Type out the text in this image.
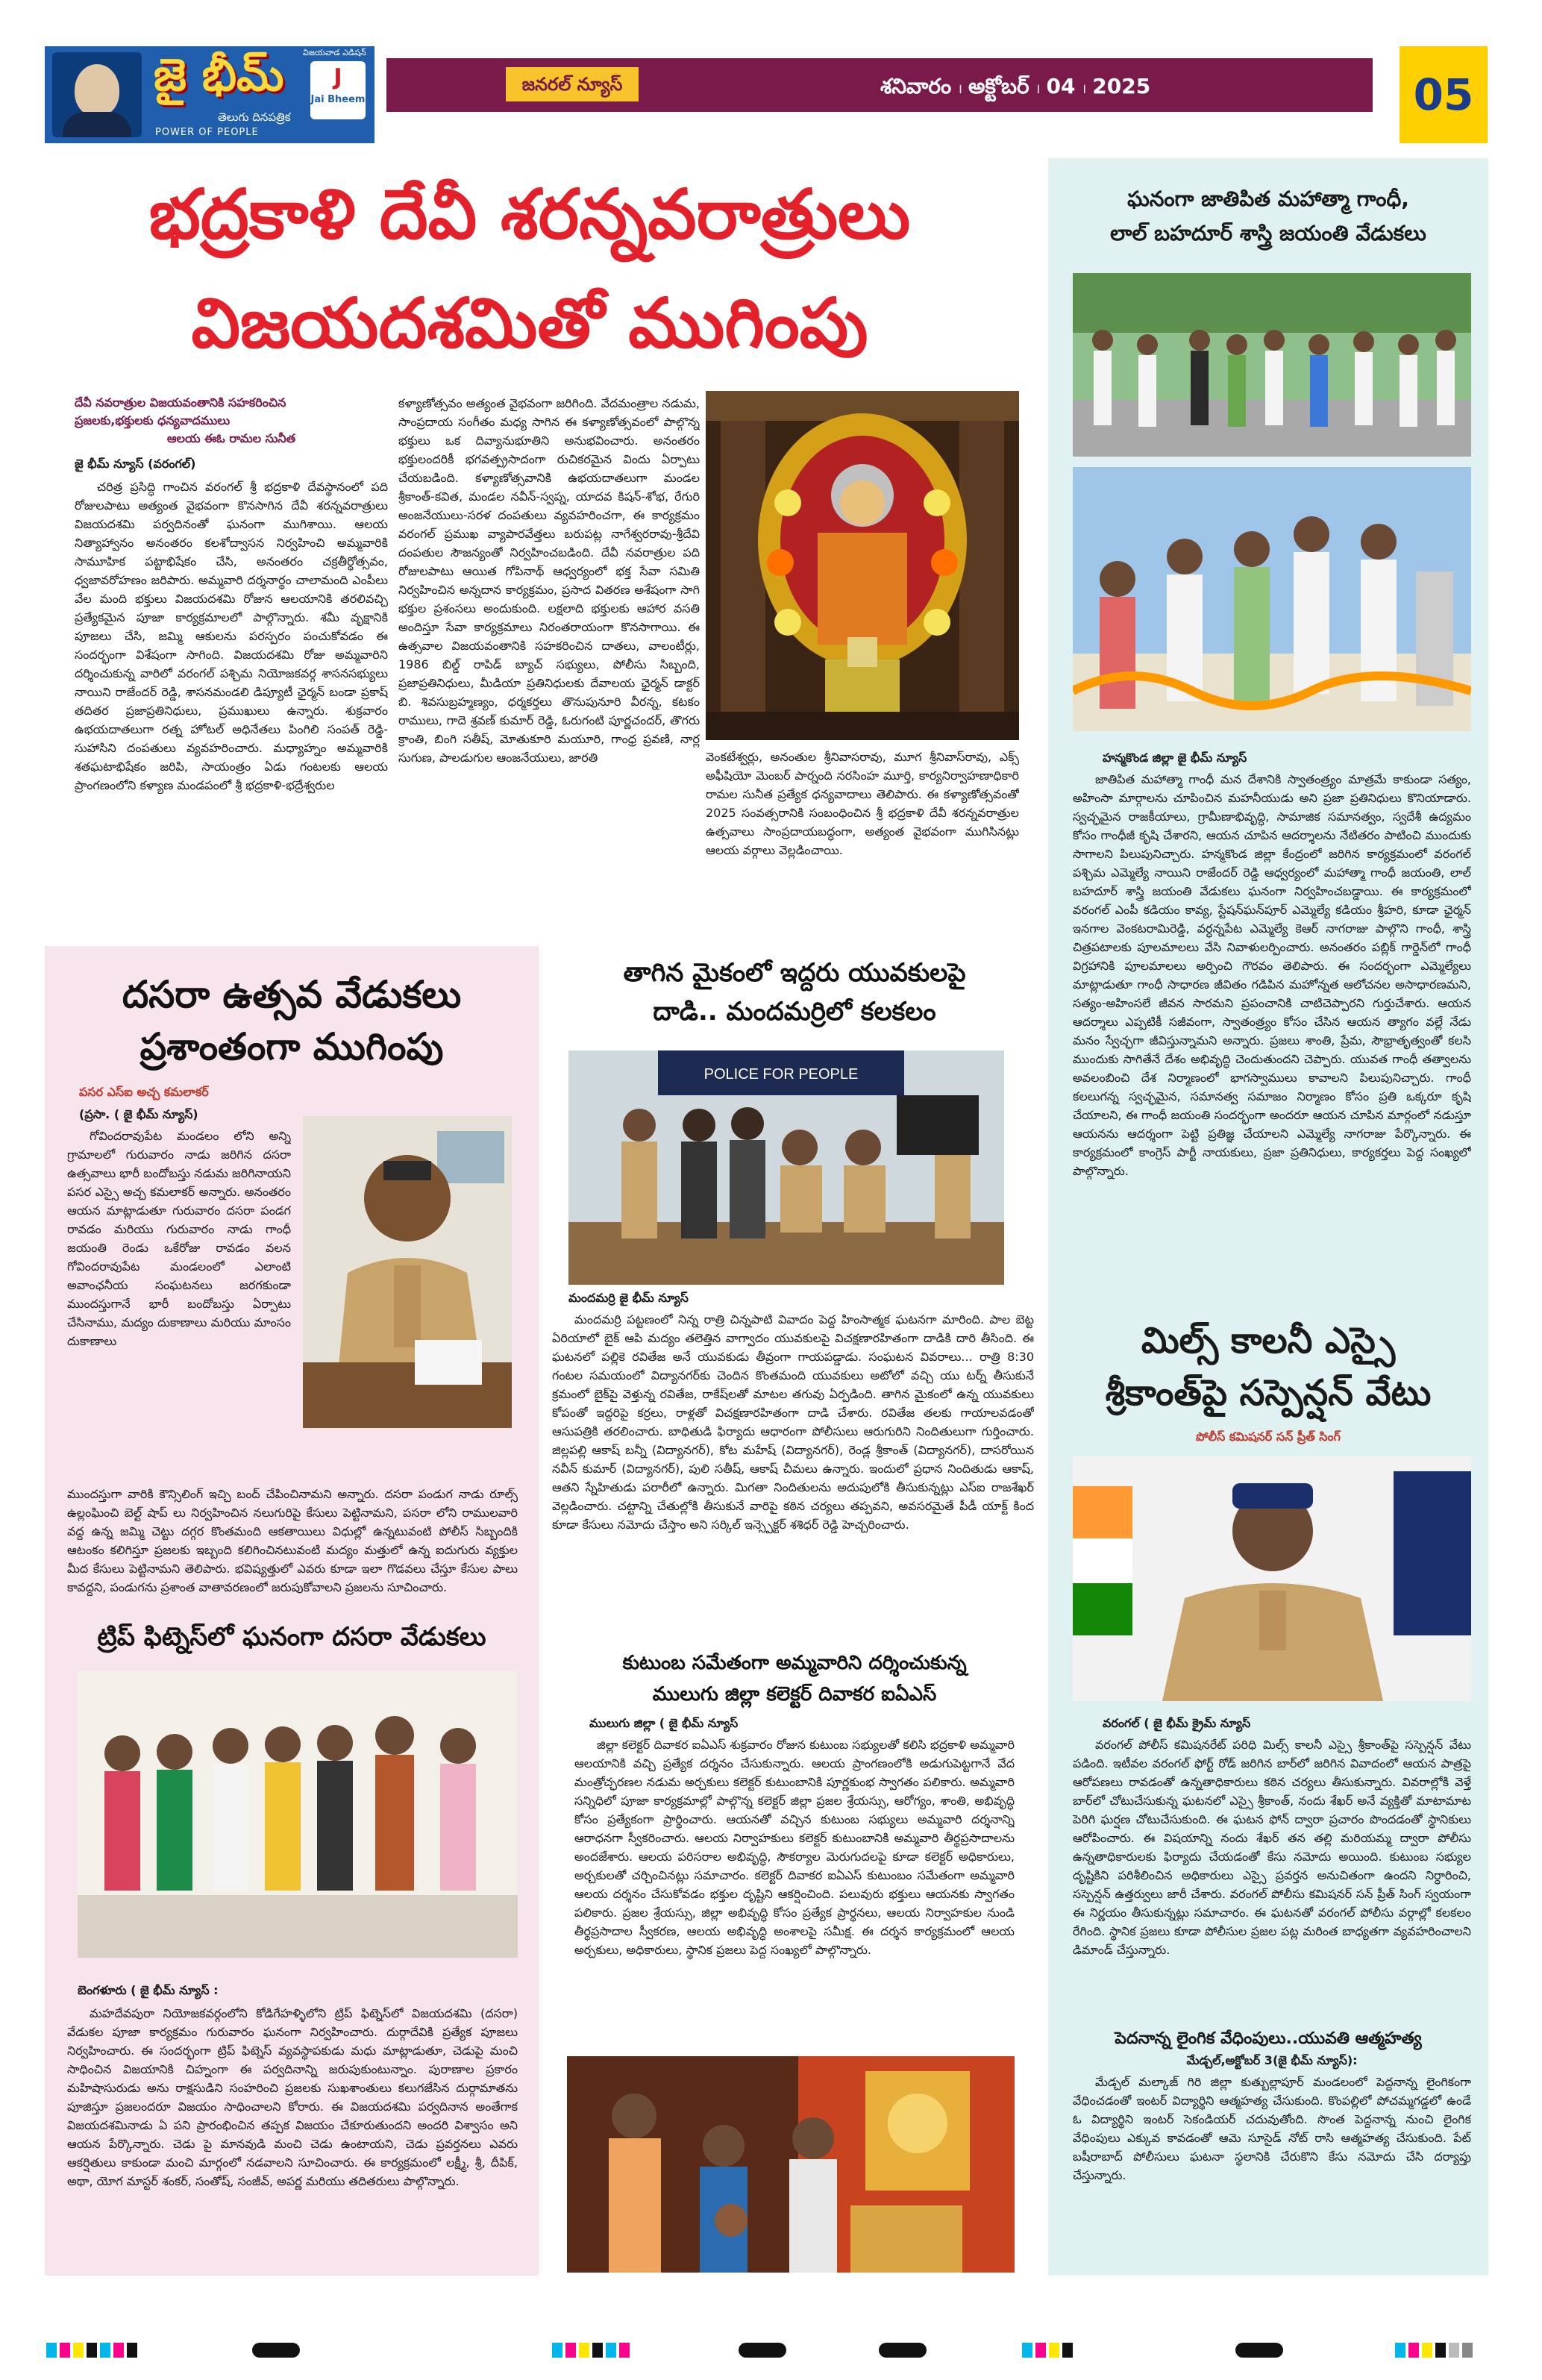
జై భీమ్
తెలుగు దినపత్రిక
POWER OF PEOPLE
విజయవాడ ఎడిషన్
J
Jai Bheem
జనరల్ న్యూస్	శనివారం । అక్టోబర్ । 04 । 2025	05
భద్రకాళి దేవీ శరన్నవరాత్రులు
విజయదశమితో ముగింపు
దేవీ నవరాత్రుల విజయవంతానికి సహకరించిన
ప్రజలకు,భక్తులకు ధన్యవాదములు
ఆలయ ఈఓ రామల సునీత
జై భీమ్ న్యూస్ (వరంగల్)

చరిత్ర ప్రసిద్ధి గాంచిన వరంగల్ శ్రీ భద్రకాళి దేవస్థానంలో పది రోజులపాటు అత్యంత వైభవంగా కొనసాగిన దేవీ శరన్నవరాత్రులు విజయదశమి పర్వదినంతో ఘనంగా ముగిశాయి. ఆలయ నిత్యాహ్వానం అనంతరం కలశోద్వాసన నిర్వహించి అమ్మవారికి సామూహిక పట్టాభిషేకం చేసి, అనంతరం చక్రతీర్థోత్సవం, ధ్వజావరోహణం జరిపారు. అమ్మవారి దర్శనార్థం చాలామంది ఎంపీలు వేల మంది భక్తులు విజయదశమి రోజున ఆలయానికి తరలివచ్చి ప్రత్యేకమైన పూజా కార్యక్రమాలలో పాల్గొన్నారు. శమీ వృక్షానికి పూజలు చేసి, జమ్మి ఆకులను పరస్పరం పంచుకోవడం ఈ సందర్భంగా విశేషంగా సాగింది. విజయదశమి రోజు అమ్మవారిని దర్శించుకున్న వారిలో వరంగల్ పశ్చిమ నియోజకవర్గ శాసనసభ్యులు నాయిని రాజేందర్ రెడ్డి, శాసనమండలి డిప్యూటీ ఛైర్మన్ బండా ప్రకాష్ తదితర ప్రజాప్రతినిధులు, ప్రముఖులు ఉన్నారు. శుక్రవారం ఉభయదాతలుగా రత్న హోటల్ అధినేతలు పింగిలి సంపత్ రెడ్డి-సుహాసిని దంపతులు వ్యవహరించారు. మధ్యాహ్నం అమ్మవారికి శతఘటాభిషేకం జరిపి, సాయంత్రం ఏడు గంటలకు ఆలయ ప్రాంగణంలోని కళ్యాణ మండపంలో శ్రీ భద్రకాళి-భద్రేశ్వరుల

కళ్యాణోత్సవం అత్యంత వైభవంగా జరిగింది. వేదమంత్రాల నడుమ, సాంప్రదాయ సంగీతం మధ్య సాగిన ఈ కళ్యాణోత్సవంలో పాల్గొన్న భక్తులు ఒక దివ్యానుభూతిని అనుభవించారు. అనంతరం భక్తులందరికీ భగవత్ప్రసాదంగా రుచికరమైన విందు ఏర్పాటు చేయబడింది. కళ్యాణోత్సవానికి ఉభయదాతలుగా మండల శ్రీకాంత్-కవిత, మండల నవీన్-స్వప్న, యాదవ కిషన్-శోభ, రేగురి అంజనేయులు-సరళ దంపతులు వ్యవహరించగా, ఈ కార్యక్రమం వరంగల్ ప్రముఖ వ్యాపారవేత్తలు బరుపట్ల నాగేశ్వరరావు-శ్రీదేవి దంపతుల సౌజన్యంతో నిర్వహించబడింది. దేవీ నవరాత్రుల పది రోజులపాటు ఆయిత గోపినాథ్ ఆధ్వర్యంలో భక్త సేవా సమితి నిర్వహించిన అన్నదాన కార్యక్రమం, ప్రసాద వితరణ అశేషంగా సాగి భక్తుల ప్రశంసలు అందుకుంది. లక్షలాది భక్తులకు ఆహార వసతి అందిస్తూ సేవా కార్యక్రమాలు నిరంతరాయంగా కొనసాగాయి. ఈ ఉత్సవాల విజయవంతానికి సహకరించిన దాతలు, వాలంటీర్లు, 1986 బిల్డ్ రాపిడ్ బ్యాచ్ సభ్యులు, పోలీసు సిబ్బంది, ప్రజాప్రతినిధులు, మీడియా ప్రతినిధులకు దేవాలయ ఛైర్మన్ డాక్టర్ బి. శివసుబ్రహ్మణ్యం, ధర్మకర్తలు తొనుపునూరి వీరన్న, కటకం రాములు, గాదె శ్రవణ్ కుమార్ రెడ్డి, ఓరుగంటి పూర్ణచందర్, తొగరు క్రాంతి, బింగి సతీష్, మోతుకూరి మయూరి, గాంధ్ర ప్రవణి, నార్ల సుగుణ, పాలడుగుల ఆంజనేయులు, జారతి	వెంకటేశ్వర్లు, అనంతుల శ్రీనివాసరావు, మూగ శ్రీనివాస్‌రావు, ఎక్స్ అఫీషియో మెంబర్ పార్నంది నరసింహ మూర్తి, కార్యనిర్వాహణాధికారి రామల సునీత ప్రత్యేక ధన్యవాదాలు తెలిపారు. ఈ కళ్యాణోత్సవంతో 2025 సంవత్సరానికి సంబంధించిన శ్రీ భద్రకాళి దేవీ శరన్నవరాత్రుల ఉత్సవాలు సాంప్రదాయబద్ధంగా, అత్యంత వైభవంగా ముగిసినట్లు ఆలయ వర్గాలు వెల్లడించాయి.
దసరా ఉత్సవ వేడుకలు
ప్రశాంతంగా ముగింపు
పసర ఎస్ఐ అచ్చ కమలాకర్
(ప్రసా. ( జై భీమ్ న్యూస్)

గోవిందరావుపేట మండలం లోని అన్ని గ్రామాలలో గురువారం నాడు జరిగిన దసరా ఉత్సవాలు భారీ బందోబస్తు నడుమ జరిగినాయని పసర ఎస్సై అచ్చ కమలాకర్ అన్నారు. అనంతరం ఆయన మాట్లాడుతూ గురువారం దసరా పండగ రావడం మరియు గురువారం నాడు గాంధీ జయంతి రెండు ఒకేరోజు రావడం వలన గోవిందరావుపేట మండలంలో ఎలాంటి అవాంఛనీయ సంఘటనలు జరగకుండా ముందస్తుగానే భారీ బందోబస్తు ఏర్పాటు చేసినాము, మద్యం దుకాణాలు మరియు మాంసం దుకాణాలు

ముందస్తుగా వారికి కౌన్సిలింగ్ ఇచ్చి బంద్ చేపించినామని అన్నారు. దసరా పండుగ నాడు రూల్స్ ఉల్లంఘించి బెల్ట్ షాప్ లు నిర్వహించిన నలుగురిపై కేసులు పెట్టినామని, పసరా లోని రాములవారి వద్ద ఉన్న జమ్మి చెట్టు దగ్గర కొంతమంది ఆకతాయిలు విధుల్లో ఉన్నటువంటి పోలీస్ సిబ్బందికి ఆటంకం కలిగిస్తూ ప్రజలకు ఇబ్బంది కలిగించినటువంటి మద్యం మత్తులో ఉన్న ఐదుగురు వ్యక్తుల మీద కేసులు పెట్టినామని తెలిపారు. భవిష్యత్తులో ఎవరు కూడా ఇలా గొడవలు చేస్తూ కేసుల పాలు కావద్దని, పండుగను ప్రశాంత వాతావరణంలో జరుపుకోవాలని ప్రజలను సూచించారు.

ట్రిప్ ఫిట్నెస్‌లో ఘనంగా దసరా వేడుకలు
బెంగళూరు ( జై భీమ్ న్యూస్ :

మహదేవపురా నియోజకవర్గంలోని కోడిగేహళ్ళిలోని ట్రిప్ ఫిట్నెస్‌లో విజయదశమి (దసరా) వేడుకల పూజా కార్యక్రమం గురువారం ఘనంగా నిర్వహించారు. దుర్గాదేవికి ప్రత్యేక పూజలు నిర్వహించారు. ఈ సందర్భంగా ట్రిప్ ఫిట్నెస్ వ్యవస్థాపకుడు మధు మాట్లాడుతూ, చెడుపై మంచి సాధించిన విజయానికి చిహ్నంగా ఈ పర్వదినాన్ని జరుపుకుంటున్నాం. పురాణాల ప్రకారం మహిషాసురుడు అను రాక్షసుడిని సంహరించి ప్రజలకు సుఖశాంతులు కలుగజేసిన దుర్గామాతను పూజిస్తూ ప్రజలందరూ విజయం సాధించాలని కోరారు. ఈ విజయదశమి పర్వదినాన అంతేగాక విజయదశమినాడు ఏ పని ప్రారంభించిన తప్పక విజయం చేకూరుతుందని అందరి విశ్వాసం అని ఆయన పేర్కొన్నారు. చెడు పై మానవుడి మంచి చెడు ఉంటాయని, చెడు ప్రవర్తనలు ఎవరు ఆకర్షితులు కాకుండా మంచి మార్గంలో నడవాలని సూచించారు. ఈ కార్యక్రమంలో లక్ష్మీ, శ్రీ, దీపిక్, అథా, యోగ మాస్టర్ శంకర్, సంతోష్, సంజీవ్, అపర్ణ మరియు తదితరులు పాల్గొన్నారు.

తాగిన మైకంలో ఇద్దరు యువకులపై
దాడి.. మందమర్రిలో కలకలం
POLICE FOR PEOPLE
మందమర్రి జై భీమ్ న్యూస్

మందమర్రి పట్టణంలో నిన్న రాత్రి చిన్నపాటి వివాదం పెద్ద హింసాత్మక ఘటనగా మారింది. పాల బెట్ట ఏరియాలో బైక్ ఆపి మద్యం తలెత్తిన వాగ్వాదం యువకులపై విచక్షణారహితంగా దాడికి దారి తీసింది. ఈ ఘటనలో పల్లికె రవితేజ అనే యువకుడు తీవ్రంగా గాయపడ్డాడు. సంఘటన వివరాలు... రాత్రి 8:30 గంటల సమయంలో విద్యానగర్‌కు చెందిన కొంతమంది యువకులు అటోలో వచ్చి యు టర్న్ తీసుకునే క్రమంలో బైక్‌పై వెళ్తున్న రవితేజ, రాకేష్‌లతో మాటల తగువు ఏర్పడింది. తాగిన మైకంలో ఉన్న యువకులు కోపంతో ఇద్దరిపై కర్రలు, రాళ్లతో విచక్షణారహితంగా దాడి చేశారు. రవితేజ తలకు గాయాలవడంతో ఆసుపత్రికి తరలించారు. బాధితుడి ఫిర్యాదు ఆధారంగా పోలీసులు ఆరుగురిని నిందితులుగా గుర్తించారు. జిల్లపల్లి ఆకాష్ బన్నీ (విద్యానగర్), కోట మహేష్ (విద్యానగర్), రెండ్ల శ్రీకాంత్ (విద్యానగర్), దాసరోయిన నవీన్ కుమార్ (విద్యానగర్), పులి సతీష్, ఆకాష్ చీమలు ఉన్నారు. ఇందులో ప్రధాన నిందితుడు ఆకాష్, ఆతని స్నేహితుడు పరారీలో ఉన్నారు. మిగతా నిందితులను అదుపులోకి తీసుకున్నట్లు ఎస్ఐ రాజశేఖర్ వెల్లడించారు. చట్టాన్ని చేతుల్లోకి తీసుకునే వారిపై కఠిన చర్యలు తప్పవని, అవసరమైతే పీడీ యాక్ట్ కింద కూడా కేసులు నమోదు చేస్తాం అని సర్కిల్ ఇన్స్పెక్టర్ శశిధర్ రెడ్డి హెచ్చరించారు.

కుటుంబ సమేతంగా అమ్మవారిని దర్శించుకున్న
ములుగు జిల్లా కలెక్టర్ దివాకర ఐఏఎస్
ములుగు జిల్లా ( జై భీమ్ న్యూస్

జిల్లా కలెక్టర్ దివాకర ఐఏఎస్ శుక్రవారం రోజున కుటుంబ సభ్యులతో కలిసి భద్రకాళి అమ్మవారి ఆలయానికి వచ్చి ప్రత్యేక దర్శనం చేసుకున్నారు. ఆలయ ప్రాంగణంలోకి అడుగుపెట్టగానే వేద మంత్రోచ్ఛరణల నడుమ అర్చకులు కలెక్టర్ కుటుంబానికి పూర్ణకుంభ స్వాగతం పలికారు. అమ్మవారి సన్నిధిలో పూజా కార్యక్రమాల్లో పాల్గొన్న కలెక్టర్ జిల్లా ప్రజల శ్రేయస్సు, ఆరోగ్యం, శాంతి, అభివృద్ధి కోసం ప్రత్యేకంగా ప్రార్థించారు. ఆయనతో వచ్చిన కుటుంబ సభ్యులు అమ్మవారి దర్శనాన్ని ఆరాధనగా స్వీకరించారు. ఆలయ నిర్వాహకులు కలెక్టర్ కుటుంబానికి అమ్మవారి తీర్థప్రసాదాలను అందజేశారు. ఆలయ పరిసరాల అభివృద్ధి, సౌకర్యాల మెరుగుదలపై కూడా కలెక్టర్ అధికారులు, అర్చకులతో చర్చించినట్లు సమాచారం. కలెక్టర్ దివాకర ఐఏఎస్ కుటుంబం సమేతంగా అమ్మవారి ఆలయ దర్శనం చేసుకోవడం భక్తుల దృష్టిని ఆకర్షించింది. పలువురు భక్తులు ఆయనకు స్వాగతం పలికారు. ప్రజల శ్రేయస్సు, జిల్లా అభివృద్ధి కోసం ప్రత్యేక ప్రార్థనలు, ఆలయ నిర్వాహకుల నుండి తీర్థప్రసాదాల స్వీకరణ, ఆలయ అభివృద్ధి అంశాలపై సమీక్ష. ఈ దర్శన కార్యక్రమంలో ఆలయ అర్చకులు, అధికారులు, స్థానిక ప్రజలు పెద్ద సంఖ్యలో పాల్గొన్నారు.

ఘనంగా జాతిపిత మహాత్మా గాంధీ,
లాల్ బహదూర్ శాస్త్రి జయంతి వేడుకలు
హన్మకొండ జిల్లా జై భీమ్ న్యూస్

జాతిపిత మహాత్మా గాంధీ మన దేశానికి స్వాతంత్ర్యం మాత్రమే కాకుండా సత్యం, అహింసా మార్గాలను చూపించిన మహనీయుడు అని ప్రజా ప్రతినిధులు కొనియాడారు. స్వచ్ఛమైన రాజకీయాలు, గ్రామీణాభివృద్ధి, సామాజిక సమానత్వం, స్వదేశీ ఉద్యమం కోసం గాంధీజీ కృషి చేశారని, ఆయన చూపిన ఆదర్శాలను నేటితరం పాటించి ముందుకు సాగాలని పిలుపునిచ్చారు. హన్మకొండ జిల్లా కేంద్రంలో జరిగిన కార్యక్రమంలో వరంగల్ పశ్చిమ ఎమ్మెల్యే నాయిని రాజేందర్ రెడ్డి ఆధ్వర్యంలో మహాత్మా గాంధీ జయంతి, లాల్ బహదూర్ శాస్త్రి జయంతి వేడుకలు ఘనంగా నిర్వహించబడ్డాయి. ఈ కార్యక్రమంలో వరంగల్ ఎంపీ కడియం కావ్య, స్టేషన్‌ఘన్‌పూర్ ఎమ్మెల్యే కడియం శ్రీహరి, కూడా ఛైర్మన్ ఇనగాల వెంకటరామిరెడ్డి, వర్ధన్నపేట ఎమ్మెల్యే కెఆర్ నాగరాజు పాల్గొని గాంధీ, శాస్త్రి చిత్రపటాలకు పూలమాలలు వేసి నివాళులర్పించారు. అనంతరం పబ్లిక్ గార్డెన్‌లో గాంధీ విగ్రహానికి పూలమాలలు అర్పించి గౌరవం తెలిపారు. ఈ సందర్భంగా ఎమ్మెల్యేలు మాట్లాడుతూ గాంధీ సాధారణ జీవితం గడిపిన మహోన్నత ఆలోచనల అసాధారణమని, సత్యం-అహింసలే జీవన సారమని ప్రపంచానికి చాటిచెప్పారని గుర్తుచేశారు. ఆయన ఆదర్శాలు ఎప్పటికీ సజీవంగా, స్వాతంత్ర్యం కోసం చేసిన ఆయన త్యాగం వల్లే నేడు మనం స్వేచ్ఛగా జీవిస్తున్నామని అన్నారు. ప్రజలు శాంతి, ప్రేమ, సౌభ్రాతృత్వంతో కలసి ముందుకు సాగితేనే దేశం అభివృద్ధి చెందుతుందని చెప్పారు. యువత గాంధీ తత్వాలను అవలంబించి దేశ నిర్మాణంలో భాగస్వాములు కావాలని పిలుపునిచ్చారు. గాంధీ కలలుగన్న స్వచ్ఛమైన, సమానత్వ సమాజం నిర్మాణం కోసం ప్రతి ఒక్కరూ కృషి చేయాలని, ఈ గాంధీ జయంతి సందర్భంగా అందరూ ఆయన చూపిన మార్గంలో నడుస్తూ ఆయనను ఆదర్శంగా పెట్టి ప్రతిజ్ఞ చేయాలని ఎమ్మెల్యే నాగరాజు పేర్కొన్నారు. ఈ కార్యక్రమంలో కాంగ్రెస్ పార్టీ నాయకులు, ప్రజా ప్రతినిధులు, కార్యకర్తలు పెద్ద సంఖ్యలో పాల్గొన్నారు.

మిల్స్ కాలనీ ఎస్సై
శ్రీకాంత్‌పై సస్పెన్షన్ వేటు
పోలీస్ కమిషనర్ సన్ ప్రీత్ సింగ్
వరంగల్ ( జై భీమ్ క్రైమ్ న్యూస్

వరంగల్ పోలీస్ కమిషనరేట్ పరిధి మిల్స్ కాలనీ ఎస్సై శ్రీకాంత్‌పై సస్పెన్షన్ వేటు పడింది. ఇటీవల వరంగల్ ఫోర్ట్ రోడ్ జరిగిన బార్‌లో జరిగిన వివాదంలో ఆయన పాత్రపై ఆరోపణలు రావడంతో ఉన్నతాధికారులు కఠిన చర్యలు తీసుకున్నారు. వివరాల్లోకి వెళ్తే బార్‌లో చోటుచేసుకున్న ఘటనలో ఎస్సై శ్రీకాంత్, నందు శేఖర్ అనే వ్యక్తితో మాటామాట పెరిగి ఘర్షణ చోటుచేసుకుంది. ఈ ఘటన ఫోన్‌ ద్వారా ప్రచారం పొందడంతో స్థానికులు ఆరోపించారు. ఈ విషయాన్ని నందు శేఖర్ తన తల్లి మరియమ్మ ద్వారా పోలీసు ఉన్నతాధికారులకు ఫిర్యాదు చేయడంతో కేసు నమోదు అయింది. కుటుంబ సభ్యుల దృష్టికిని పరిశీలించిన అధికారులు ఎస్సై ప్రవర్తన అనుచితంగా ఉందని నిర్ధారించి, సస్పెన్షన్ ఉత్తర్వులు జారీ చేశారు. వరంగల్ పోలీసు కమిషనర్ సన్ ప్రీత్ సింగ్ స్వయంగా ఈ నిర్ణయం తీసుకున్నట్లు సమాచారం. ఈ ఘటనతో వరంగల్ పోలీసు వర్గాల్లో కలకలం రేగింది. స్థానిక ప్రజలు కూడా పోలీసుల ప్రజల పట్ల మరింత బాధ్యతగా వ్యవహరించాలని డిమాండ్ చేస్తున్నారు.

పెదనాన్న లైంగిక వేధింపులు..యువతి ఆత్మహత్య
మేడ్చల్,అక్టోబర్ 3(జై భీమ్ న్యూస్):

మేడ్చల్ మల్కాజ్ గిరి జిల్లా కుత్బుల్లాపూర్ మండలంలో పెద్దనాన్న లైంగికంగా వేధించడంతో ఇంటర్ విద్యార్థిని ఆత్మహత్య చేసుకుంది. కొంపల్లిలో పోచమ్మగడ్డలో ఉండే ఓ విద్యార్థిని ఇంటర్ సెకండియర్ చదువుతోంది. సొంత పెద్దనాన్న నుంచి లైంగిక వేధింపులు ఎక్కువ కావడంతో ఆమె సూసైడ్ నోట్ రాసి ఆత్మహత్య చేసుకుంది. పేట్ బషీరాబాద్ పోలీసులు ఘటనా స్థలానికి చేరుకొని కేసు నమోదు చేసి దర్యాప్తు చేస్తున్నారు.
